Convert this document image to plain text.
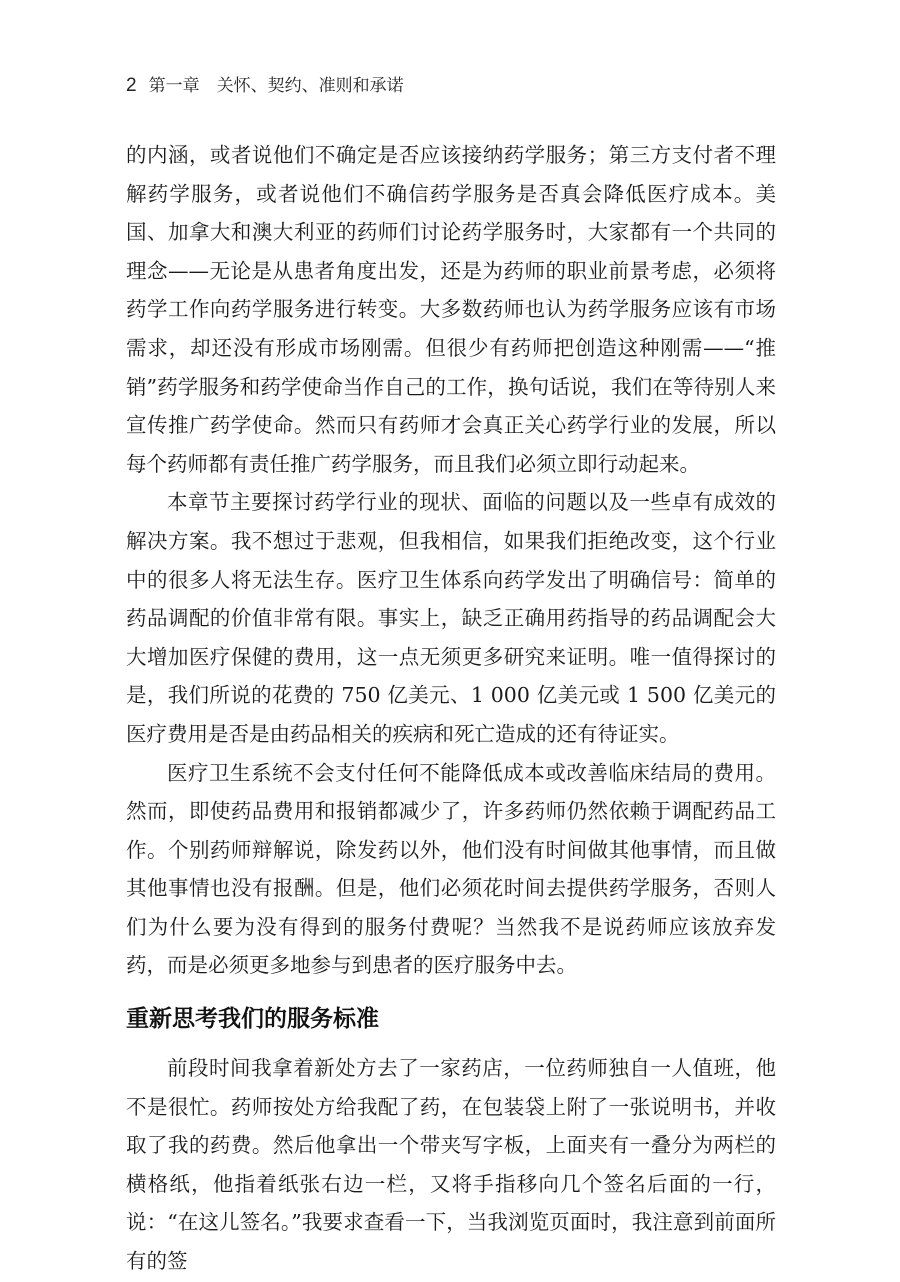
2 第一章　关怀、契约、准则和承诺

的内涵，或者说他们不确定是否应该接纳药学服务；第三方支付者不理解药学服务，或者说他们不确信药学服务是否真会降低医疗成本。美国、加拿大和澳大利亚的药师们讨论药学服务时，大家都有一个共同的理念——无论是从患者角度出发，还是为药师的职业前景考虑，必须将药学工作向药学服务进行转变。大多数药师也认为药学服务应该有市场需求，却还没有形成市场刚需。但很少有药师把创造这种刚需——“推销”药学服务和药学使命当作自己的工作，换句话说，我们在等待别人来宣传推广药学使命。然而只有药师才会真正关心药学行业的发展，所以每个药师都有责任推广药学服务，而且我们必须立即行动起来。

本章节主要探讨药学行业的现状、面临的问题以及一些卓有成效的解决方案。我不想过于悲观，但我相信，如果我们拒绝改变，这个行业中的很多人将无法生存。医疗卫生体系向药学发出了明确信号：简单的药品调配的价值非常有限。事实上，缺乏正确用药指导的药品调配会大大增加医疗保健的费用，这一点无须更多研究来证明。唯一值得探讨的是，我们所说的花费的 750 亿美元、1 000 亿美元或 1 500 亿美元的医疗费用是否是由药品相关的疾病和死亡造成的还有待证实。

医疗卫生系统不会支付任何不能降低成本或改善临床结局的费用。然而，即使药品费用和报销都减少了，许多药师仍然依赖于调配药品工作。个别药师辩解说，除发药以外，他们没有时间做其他事情，而且做其他事情也没有报酬。但是，他们必须花时间去提供药学服务，否则人们为什么要为没有得到的服务付费呢？当然我不是说药师应该放弃发药，而是必须更多地参与到患者的医疗服务中去。

重新思考我们的服务标准

前段时间我拿着新处方去了一家药店，一位药师独自一人值班，他不是很忙。药师按处方给我配了药，在包装袋上附了一张说明书，并收取了我的药费。然后他拿出一个带夹写字板，上面夹有一叠分为两栏的横格纸，他指着纸张右边一栏，又将手指移向几个签名后面的一行，说：“在这儿签名。”我要求查看一下，当我浏览页面时，我注意到前面所有的签
